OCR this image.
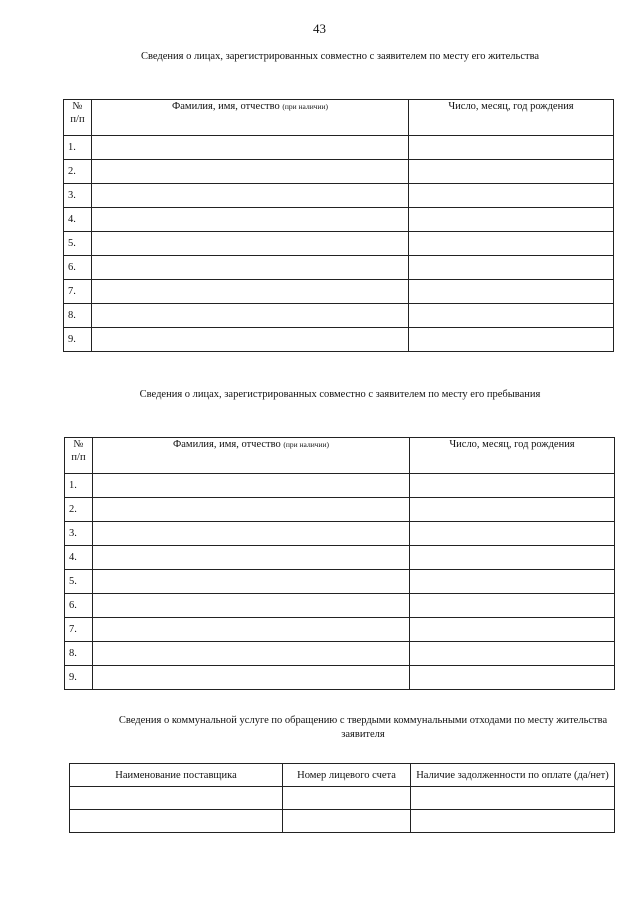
43
Сведения о лицах, зарегистрированных совместно с заявителем по месту его жительства
№
п/п	Фамилия, имя, отчество (при наличии)	Число, месяц, год рождения
1.		
2.		
3.		
4.		
5.		
6.		
7.		
8.		
9.		
Сведения о лицах, зарегистрированных совместно с заявителем по месту его пребывания
№
п/п	Фамилия, имя, отчество (при наличии)	Число, месяц, год рождения
1.		
2.		
3.		
4.		
5.		
6.		
7.		
8.		
9.		
Сведения о коммунальной услуге по обращению с твердыми коммунальными отходами по месту жительства
заявителя
Наименование поставщика	Номер лицевого счета	Наличие задолженности по оплате (да/нет)
